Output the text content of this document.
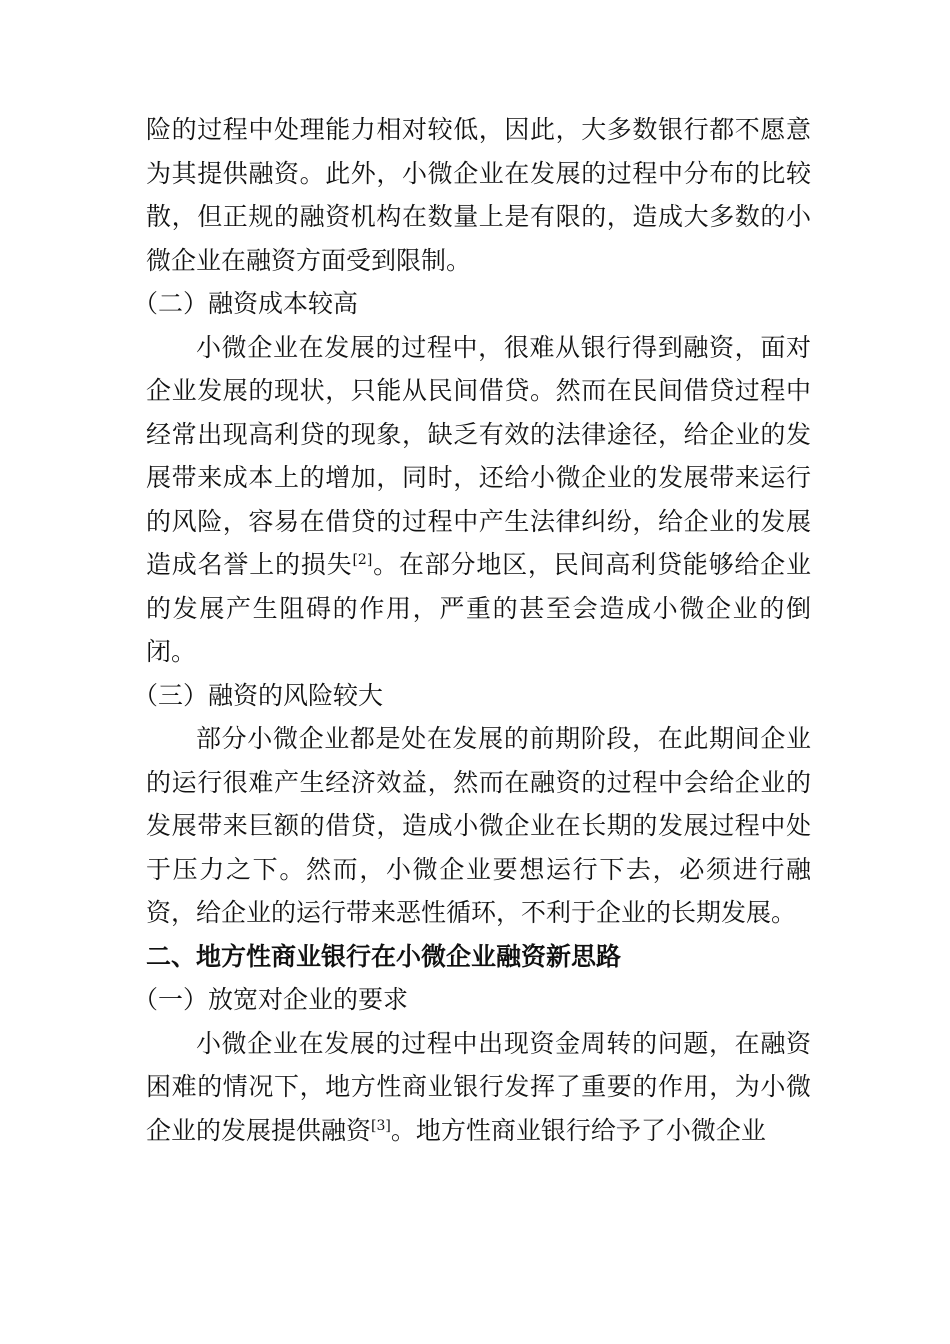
险的过程中处理能力相对较低，因此，大多数银行都不愿意为其提供融资。此外，小微企业在发展的过程中分布的比较散，但正规的融资机构在数量上是有限的，造成大多数的小微企业在融资方面受到限制。

（二）融资成本较高

小微企业在发展的过程中，很难从银行得到融资，面对企业发展的现状，只能从民间借贷。然而在民间借贷过程中经常出现高利贷的现象，缺乏有效的法律途径，给企业的发展带来成本上的增加，同时，还给小微企业的发展带来运行的风险，容易在借贷的过程中产生法律纠纷，给企业的发展造成名誉上的损失[2]。在部分地区，民间高利贷能够给企业的发展产生阻碍的作用，严重的甚至会造成小微企业的倒闭。

（三）融资的风险较大

部分小微企业都是处在发展的前期阶段，在此期间企业的运行很难产生经济效益，然而在融资的过程中会给企业的发展带来巨额的借贷，造成小微企业在长期的发展过程中处于压力之下。然而，小微企业要想运行下去，必须进行融资，给企业的运行带来恶性循环，不利于企业的长期发展。

二、地方性商业银行在小微企业融资新思路

（一）放宽对企业的要求

小微企业在发展的过程中出现资金周转的问题，在融资困难的情况下，地方性商业银行发挥了重要的作用，为小微企业的发展提供融资[3]。地方性商业银行给予了小微企业
